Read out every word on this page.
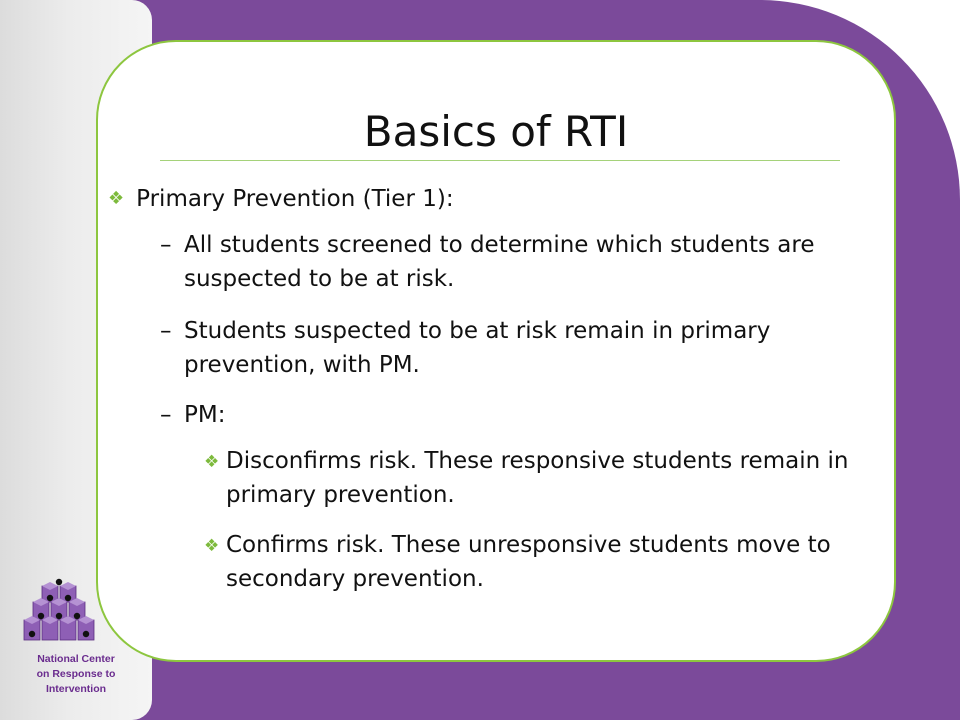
Basics of RTI
❖ Primary Prevention (Tier 1):
– All students screened to determine which students are suspected to be at risk.
– Students suspected to be at risk remain in primary prevention, with PM.
– PM:
❖ Disconfirms risk. These responsive students remain in primary prevention.
❖ Confirms risk. These unresponsive students move to secondary prevention.
National Center
on Response to
Intervention
